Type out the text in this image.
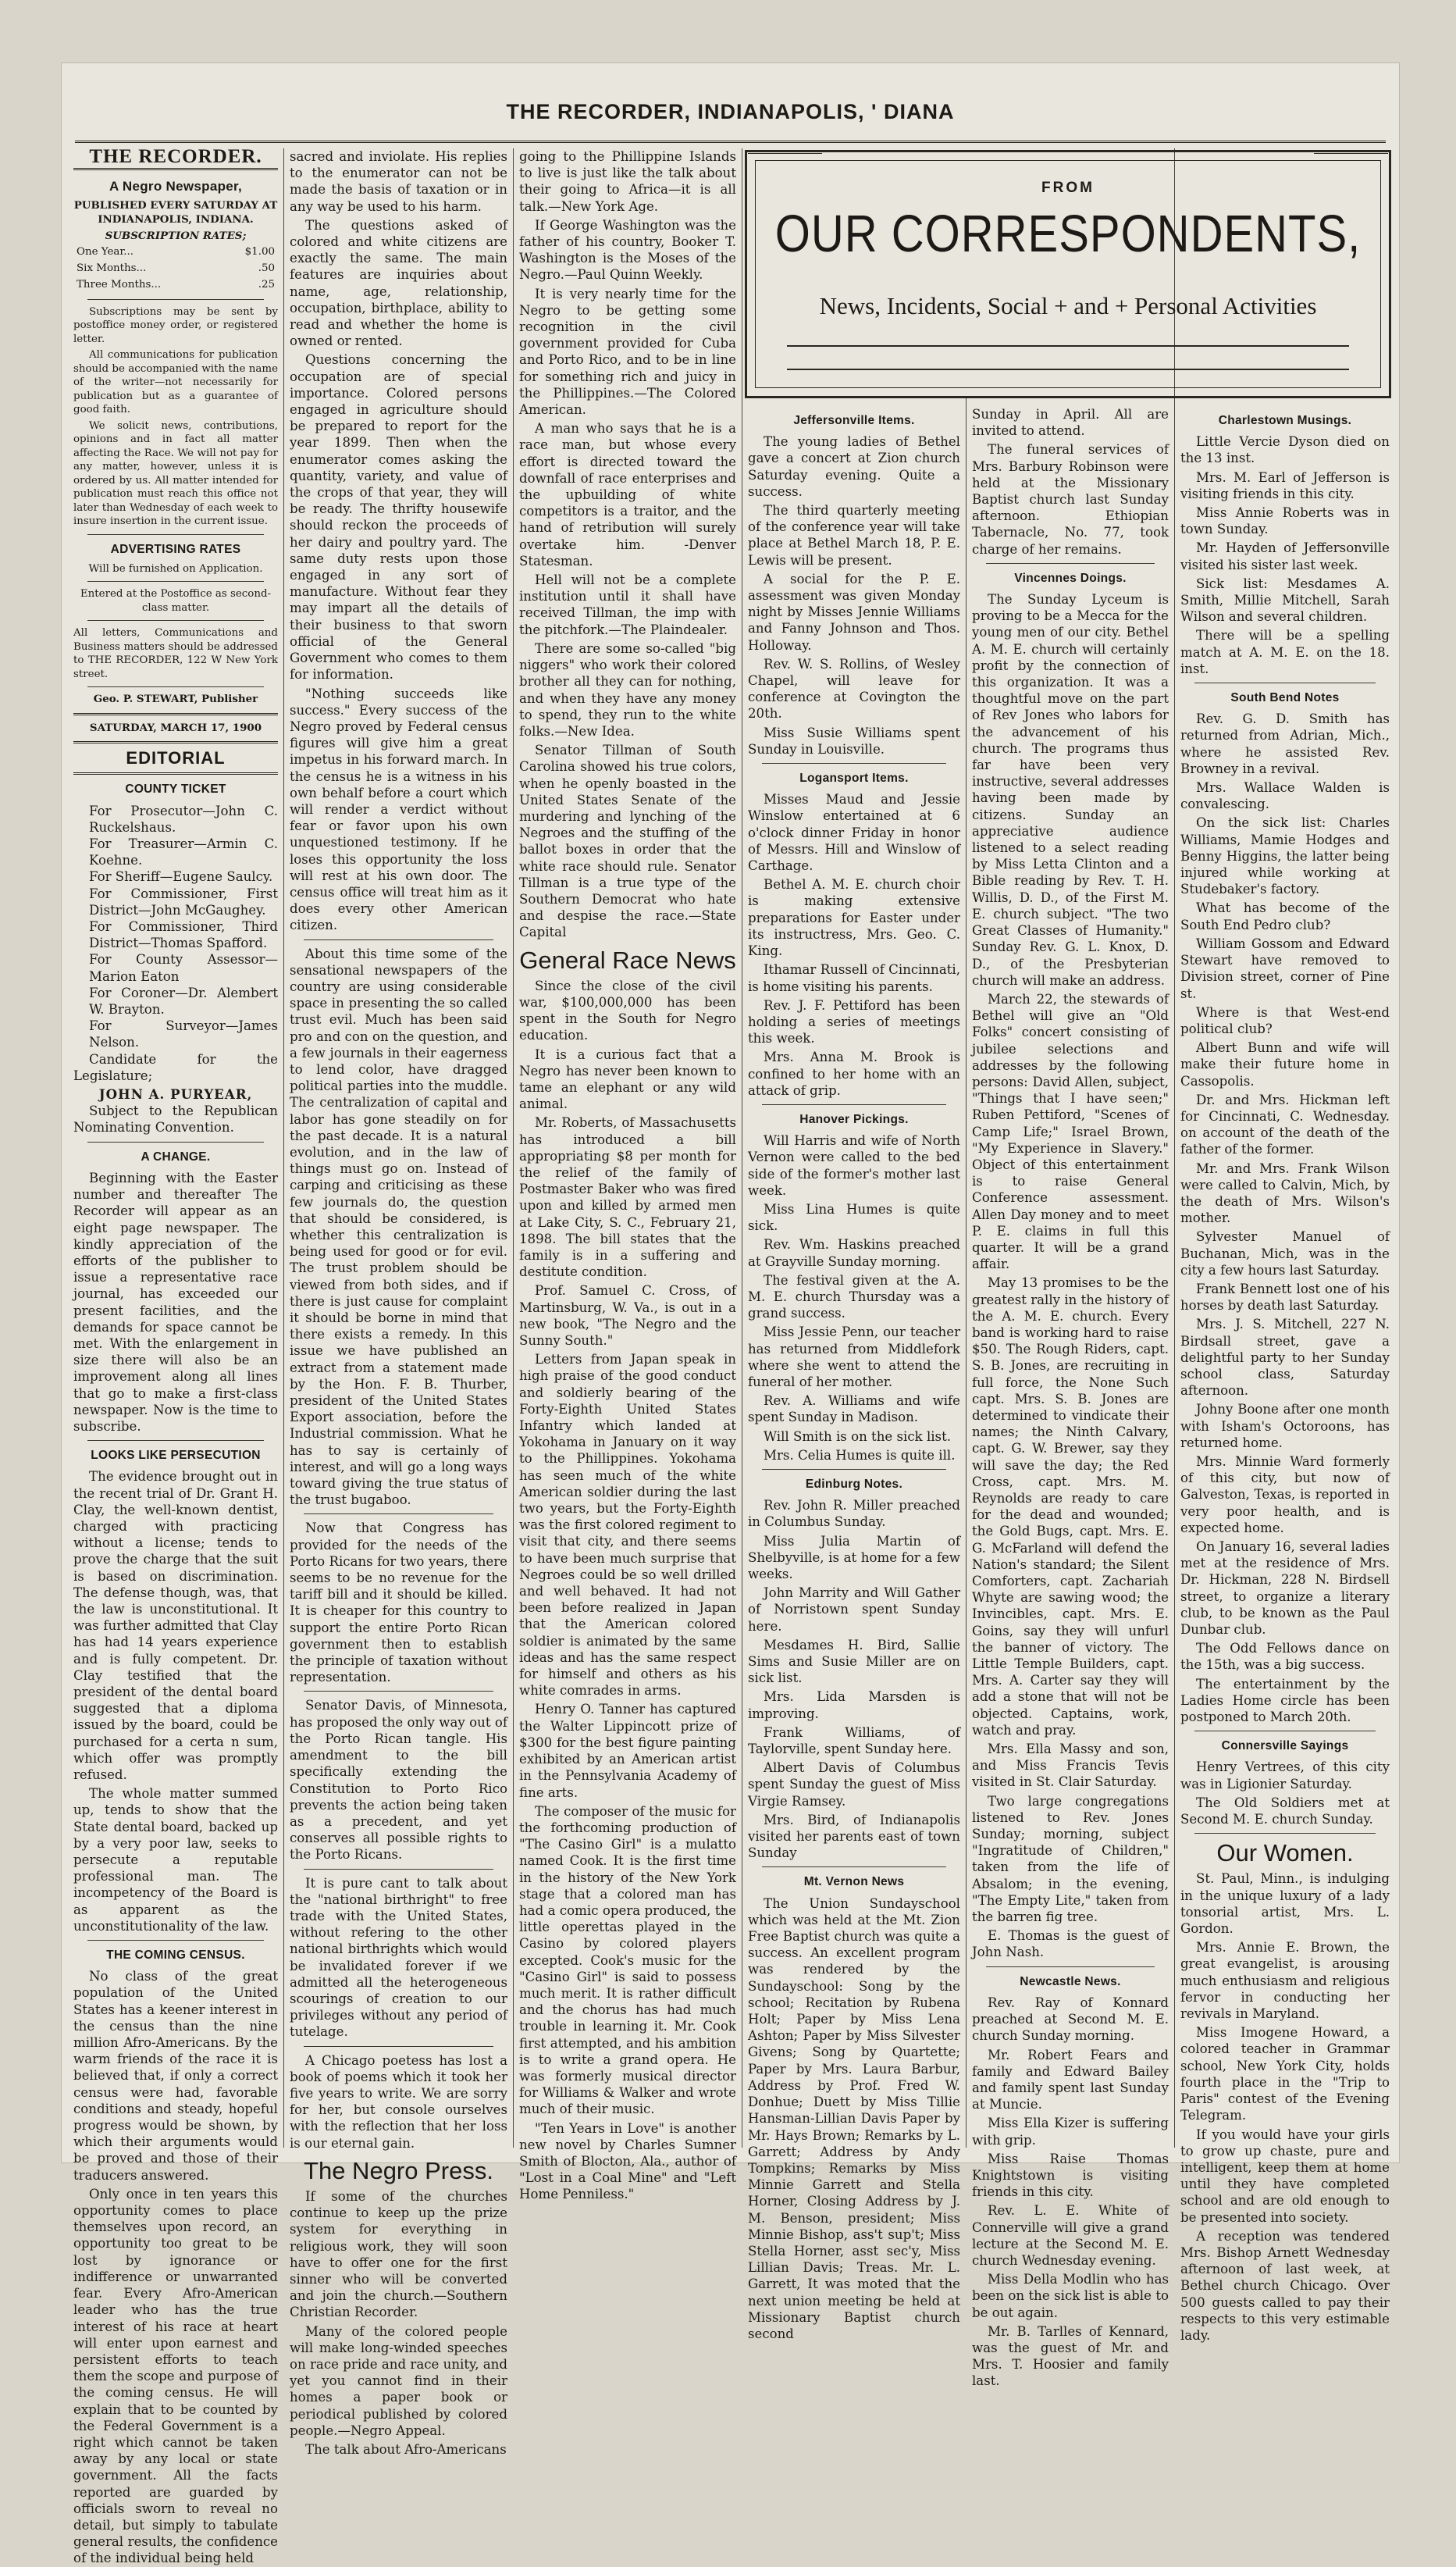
THE RECORDER, INDIANAPOLIS, ' DIANA
THE RECORDER.
A Negro Newspaper,
PUBLISHED EVERY SATURDAY AT
INDIANAPOLIS, INDIANA.
SUBSCRIPTION RATES;
One Year...	$1.00
Six Months...	.50
Three Months...	.25

Subscriptions may be sent by postoffice money order, or registered letter.

All communications for publication should be accompanied with the name of the writer—not necessarily for publication but as a guarantee of good faith.

We solicit news, contributions, opinions and in fact all matter affecting the Race. We will not pay for any matter, however, unless it is ordered by us. All matter intended for publication must reach this office not later than Wednesday of each week to insure insertion in the current issue.

ADVERTISING RATES
Will be furnished on Application.
Entered at the Postoffice as second-class matter.
All letters, Communications and Business matters should be addressed to THE RECORDER, 122 W New York street.
Geo. P. STEWART, Publisher
SATURDAY, MARCH 17, 1900
EDITORIAL
COUNTY TICKET

For Prosecutor—John C. Ruckelshaus.

For Treasurer—Armin C. Koehne.

For Sheriff—Eugene Saulcy.

For Commissioner, First District—John McGaughey.

For Commissioner, Third District—Thomas Spafford.

For County Assessor—Marion Eaton

For Coroner—Dr. Alembert W. Brayton.

For Surveyor—James Nelson.

Candidate for the Legislature;

JOHN A. PURYEAR,

Subject to the Republican Nominating Convention.

A CHANGE.

Beginning with the Easter number and thereafter The Recorder will appear as an eight page newspaper. The kindly appreciation of the efforts of the publisher to issue a representative race journal, has exceeded our present facilities, and the demands for space cannot be met. With the enlargement in size there will also be an improvement along all lines that go to make a first-class newspaper. Now is the time to subscribe.

LOOKS LIKE PERSECUTION

The evidence brought out in the recent trial of Dr. Grant H. Clay, the well-known dentist, charged with practicing without a license; tends to prove the charge that the suit is based on discrimination. The defense though, was, that the law is unconstitutional. It was further admitted that Clay has had 14 years experience and is fully competent. Dr. Clay testified that the president of the dental board suggested that a diploma issued by the board, could be purchased for a certa n sum, which offer was promptly refused.

The whole matter summed up, tends to show that the State dental board, backed up by a very poor law, seeks to persecute a reputable professional man. The incompetency of the Board is as apparent as the unconstitutionality of the law.

THE COMING CENSUS.

No class of the great population of the United States has a keener interest in the census than the nine million Afro-Americans. By the warm friends of the race it is believed that, if only a correct census were had, favorable conditions and steady, hopeful progress would be shown, by which their arguments would be proved and those of their traducers answered.

Only once in ten years this opportunity comes to place themselves upon record, an opportunity too great to be lost by ignorance or indifference or unwarranted fear. Every Afro-American leader who has the true interest of his race at heart will enter upon earnest and persistent efforts to teach them the scope and purpose of the coming census. He will explain that to be counted by the Federal Government is a right which cannot be taken away by any local or state government. All the facts reported are guarded by officials sworn to reveal no detail, but simply to tabulate general results, the confidence of the individual being held

sacred and inviolate. His replies to the enumerator can not be made the basis of taxation or in any way be used to his harm.

The questions asked of colored and white citizens are exactly the same. The main features are inquiries about name, age, relationship, occupation, birthplace, ability to read and whether the home is owned or rented.

Questions concerning the occupation are of special importance. Colored persons engaged in agriculture should be prepared to report for the year 1899. Then when the enumerator comes asking the quantity, variety, and value of the crops of that year, they will be ready. The thrifty housewife should reckon the proceeds of her dairy and poultry yard. The same duty rests upon those engaged in any sort of manufacture. Without fear they may impart all the details of their business to that sworn official of the General Government who comes to them for information.

"Nothing succeeds like success." Every success of the Negro proved by Federal census figures will give him a great impetus in his forward march. In the census he is a witness in his own behalf before a court which will render a verdict without fear or favor upon his own unquestioned testimony. If he loses this opportunity the loss will rest at his own door. The census office will treat him as it does every other American citizen.

About this time some of the sensational newspapers of the country are using considerable space in presenting the so called trust evil. Much has been said pro and con on the question, and a few journals in their eagerness to lend color, have dragged political parties into the muddle. The centralization of capital and labor has gone steadily on for the past decade. It is a natural evolution, and in the law of things must go on. Instead of carping and criticising as these few journals do, the question that should be considered, is whether this centralization is being used for good or for evil. The trust problem should be viewed from both sides, and if there is just cause for complaint it should be borne in mind that there exists a remedy. In this issue we have published an extract from a statement made by the Hon. F. B. Thurber, president of the United States Export association, before the Industrial commission. What he has to say is certainly of interest, and will go a long ways toward giving the true status of the trust bugaboo.

Now that Congress has provided for the needs of the Porto Ricans for two years, there seems to be no revenue for the tariff bill and it should be killed. It is cheaper for this country to support the entire Porto Rican government then to establish the principle of taxation without representation.

Senator Davis, of Minnesota, has proposed the only way out of the Porto Rican tangle. His amendment to the bill specifically extending the Constitution to Porto Rico prevents the action being taken as a precedent, and yet conserves all possible rights to the Porto Ricans.

It is pure cant to talk about the "national birthright" to free trade with the United States, without refering to the other national birthrights which would be invalidated forever if we admitted all the heterogeneous scourings of creation to our privileges without any period of tutelage.

A Chicago poetess has lost a book of poems which it took her five years to write. We are sorry for her, but console ourselves with the reflection that her loss is our eternal gain.

The Negro Press.

If some of the churches continue to keep up the prize system for everything in religious work, they will soon have to offer one for the first sinner who will be converted and join the church.—Southern Christian Recorder.

Many of the colored people will make long-winded speeches on race pride and race unity, and yet you cannot find in their homes a paper book or periodical published by colored people.—Negro Appeal.

The talk about Afro-Americans

going to the Phillippine Islands to live is just like the talk about their going to Africa—it is all talk.—New York Age.

If George Washington was the father of his country, Booker T. Washington is the Moses of the Negro.—Paul Quinn Weekly.

It is very nearly time for the Negro to be getting some recognition in the civil government provided for Cuba and Porto Rico, and to be in line for something rich and juicy in the Phillippines.—The Colored American.

A man who says that he is a race man, but whose every effort is directed toward the downfall of race enterprises and the upbuilding of white competitors is a traitor, and the hand of retribution will surely overtake him. -Denver Statesman.

Hell will not be a complete institution until it shall have received Tillman, the imp with the pitchfork.—The Plaindealer.

There are some so-called "big niggers" who work their colored brother all they can for nothing, and when they have any money to spend, they run to the white folks.—New Idea.

Senator Tillman of South Carolina showed his true colors, when he openly boasted in the United States Senate of the murdering and lynching of the Negroes and the stuffing of the ballot boxes in order that the white race should rule. Senator Tillman is a true type of the Southern Democrat who hate and despise the race.—State Capital

General Race News

Since the close of the civil war, $100,000,000 has been spent in the South for Negro education.

It is a curious fact that a Negro has never been known to tame an elephant or any wild animal.

Mr. Roberts, of Massachusetts has introduced a bill appropriating $8 per month for the relief of the family of Postmaster Baker who was fired upon and killed by armed men at Lake City, S. C., February 21, 1898. The bill states that the family is in a suffering and destitute condition.

Prof. Samuel C. Cross, of Martinsburg, W. Va., is out in a new book, "The Negro and the Sunny South."

Letters from Japan speak in high praise of the good conduct and soldierly bearing of the Forty-Eighth United States Infantry which landed at Yokohama in January on it way to the Phillippines. Yokohama has seen much of the white American soldier during the last two years, but the Forty-Eighth was the first colored regiment to visit that city, and there seems to have been much surprise that Negroes could be so well drilled and well behaved. It had not been before realized in Japan that the American colored soldier is animated by the same ideas and has the same respect for himself and others as his white comrades in arms.

Henry O. Tanner has captured the Walter Lippincott prize of $300 for the best figure painting exhibited by an American artist in the Pennsylvania Academy of fine arts.

The composer of the music for the forthcoming production of "The Casino Girl" is a mulatto named Cook. It is the first time in the history of the New York stage that a colored man has had a comic opera produced, the little operettas played in the Casino by colored players excepted. Cook's music for the "Casino Girl" is said to possess much merit. It is rather difficult and the chorus has had much trouble in learning it. Mr. Cook first attempted, and his ambition is to write a grand opera. He was formerly musical director for Williams & Walker and wrote much of their music.

"Ten Years in Love" is another new novel by Charles Sumner Smith of Blocton, Ala., author of "Lost in a Coal Mine" and "Left Home Penniless."

FROM
OUR CORRESPONDENTS,
News, Incidents, Social + and + Personal Activities
Jeffersonville Items.

The young ladies of Bethel gave a concert at Zion church Saturday evening. Quite a success.

The third quarterly meeting of the conference year will take place at Bethel March 18, P. E. Lewis will be present.

A social for the P. E. assessment was given Monday night by Misses Jennie Williams and Fanny Johnson and Thos. Holloway.

Rev. W. S. Rollins, of Wesley Chapel, will leave for conference at Covington the 20th.

Miss Susie Williams spent Sunday in Louisville.

Logansport Items.

Misses Maud and Jessie Winslow entertained at 6 o'clock dinner Friday in honor of Messrs. Hill and Winslow of Carthage.

Bethel A. M. E. church choir is making extensive preparations for Easter under its instructress, Mrs. Geo. C. King.

Ithamar Russell of Cincinnati, is home visiting his parents.

Rev. J. F. Pettiford has been holding a series of meetings this week.

Mrs. Anna M. Brook is confined to her home with an attack of grip.

Hanover Pickings.

Will Harris and wife of North Vernon were called to the bed side of the former's mother last week.

Miss Lina Humes is quite sick.

Rev. Wm. Haskins preached at Grayville Sunday morning.

The festival given at the A. M. E. church Thursday was a grand success.

Miss Jessie Penn, our teacher has returned from Middlefork where she went to attend the funeral of her mother.

Rev. A. Williams and wife spent Sunday in Madison.

Will Smith is on the sick list.

Mrs. Celia Humes is quite ill.

Edinburg Notes.

Rev. John R. Miller preached in Columbus Sunday.

Miss Julia Martin of Shelbyville, is at home for a few weeks.

John Marrity and Will Gather of Norristown spent Sunday here.

Mesdames H. Bird, Sallie Sims and Susie Miller are on sick list.

Mrs. Lida Marsden is improving.

Frank Williams, of Taylorville, spent Sunday here.

Albert Davis of Columbus spent Sunday the guest of Miss Virgie Ramsey.

Mrs. Bird, of Indianapolis visited her parents east of town Sunday

Mt. Vernon News

The Union Sundayschool which was held at the Mt. Zion Free Baptist church was quite a success. An excellent program was rendered by the Sundayschool: Song by the school; Recitation by Rubena Holt; Paper by Miss Lena Ashton; Paper by Miss Silvester Givens; Song by Quartette; Paper by Mrs. Laura Barbur, Address by Prof. Fred W. Donhue; Duett by Miss Tillie Hansman-Lillian Davis Paper by Mr. Hays Brown; Remarks by L. Garrett; Address by Andy Tompkins; Remarks by Miss Minnie Garrett and Stella Horner, Closing Address by J. M. Benson, president; Miss Minnie Bishop, ass't sup't; Miss Stella Horner, asst sec'y, Miss Lillian Davis; Treas. Mr. L. Garrett, It was moted that the next union meeting be held at Missionary Baptist church second

Sunday in April. All are invited to attend.

The funeral services of Mrs. Barbury Robinson were held at the Missionary Baptist church last Sunday afternoon. Ethiopian Tabernacle, No. 77, took charge of her remains.

Vincennes Doings.

The Sunday Lyceum is proving to be a Mecca for the young men of our city. Bethel A. M. E. church will certainly profit by the connection of this organization. It was a thoughtful move on the part of Rev Jones who labors for the advancement of his church. The programs thus far have been very instructive, several addresses having been made by citizens. Sunday an appreciative audience listened to a select reading by Miss Letta Clinton and a Bible reading by Rev. T. H. Willis, D. D., of the First M. E. church subject. "The two Great Classes of Humanity." Sunday Rev. G. L. Knox, D. D., of the Presbyterian church will make an address.

March 22, the stewards of Bethel will give an "Old Folks" concert consisting of jubilee selections and addresses by the following persons: David Allen, subject, "Things that I have seen;" Ruben Pettiford, "Scenes of Camp Life;" Israel Brown, "My Experience in Slavery." Object of this entertainment is to raise General Conference assessment. Allen Day money and to meet P. E. claims in full this quarter. It will be a grand affair.

May 13 promises to be the greatest rally in the history of the A. M. E. church. Every band is working hard to raise $50. The Rough Riders, capt. S. B. Jones, are recruiting in full force, the None Such capt. Mrs. S. B. Jones are determined to vindicate their names; the Ninth Calvary, capt. G. W. Brewer, say they will save the day; the Red Cross, capt. Mrs. M. Reynolds are ready to care for the dead and wounded; the Gold Bugs, capt. Mrs. E. G. McFarland will defend the Nation's standard; the Silent Comforters, capt. Zachariah Whyte are sawing wood; the Invincibles, capt. Mrs. E. Goins, say they will unfurl the banner of victory. The Little Temple Builders, capt. Mrs. A. Carter say they will add a stone that will not be objected. Captains, work, watch and pray.

Mrs. Ella Massy and son, and Miss Francis Tevis visited in St. Clair Saturday.

Two large congregations listened to Rev. Jones Sunday; morning, subject "Ingratitude of Children," taken from the life of Absalom; in the evening, "The Empty Lite," taken from the barren fig tree.

E. Thomas is the guest of John Nash.

Newcastle News.

Rev. Ray of Konnard preached at Second M. E. church Sunday morning.

Mr. Robert Fears and family and Edward Bailey and family spent last Sunday at Muncie.

Miss Ella Kizer is suffering with grip.

Miss Raise Thomas Knightstown is visiting friends in this city.

Rev. L. E. White of Connerville will give a grand lecture at the Second M. E. church Wednesday evening.

Miss Della Modlin who has been on the sick list is able to be out again.

Mr. B. Tarlles of Kennard, was the guest of Mr. and Mrs. T. Hoosier and family last.

Charlestown Musings.

Little Vercie Dyson died on the 13 inst.

Mrs. M. Earl of Jefferson is visiting friends in this city.

Miss Annie Roberts was in town Sunday.

Mr. Hayden of Jeffersonville visited his sister last week.

Sick list: Mesdames A. Smith, Millie Mitchell, Sarah Wilson and several children.

There will be a spelling match at A. M. E. on the 18. inst.

South Bend Notes

Rev. G. D. Smith has returned from Adrian, Mich., where he assisted Rev. Browney in a revival.

Mrs. Wallace Walden is convalescing.

On the sick list: Charles Williams, Mamie Hodges and Benny Higgins, the latter being injured while working at Studebaker's factory.

What has become of the South End Pedro club?

William Gossom and Edward Stewart have removed to Division street, corner of Pine st.

Where is that West-end political club?

Albert Bunn and wife will make their future home in Cassopolis.

Dr. and Mrs. Hickman left for Cincinnati, C. Wednesday. on account of the death of the father of the former.

Mr. and Mrs. Frank Wilson were called to Calvin, Mich, by the death of Mrs. Wilson's mother.

Sylvester Manuel of Buchanan, Mich, was in the city a few hours last Saturday.

Frank Bennett lost one of his horses by death last Saturday.

Mrs. J. S. Mitchell, 227 N. Birdsall street, gave a delightful party to her Sunday school class, Saturday afternoon.

Johny Boone after one month with Isham's Octoroons, has returned home.

Mrs. Minnie Ward formerly of this city, but now of Galveston, Texas, is reported in very poor health, and is expected home.

On January 16, several ladies met at the residence of Mrs. Dr. Hickman, 228 N. Birdsell street, to organize a literary club, to be known as the Paul Dunbar club.

The Odd Fellows dance on the 15th, was a big success.

The entertainment by the Ladies Home circle has been postponed to March 20th.

Connersville Sayings

Henry Vertrees, of this city was in Ligionier Saturday.

The Old Soldiers met at Second M. E. church Sunday.

Our Women.

St. Paul, Minn., is indulging in the unique luxury of a lady tonsorial artist, Mrs. L. Gordon.

Mrs. Annie E. Brown, the great evangelist, is arousing much enthusiasm and religious fervor in conducting her revivals in Maryland.

Miss Imogene Howard, a colored teacher in Grammar school, New York City, holds fourth place in the "Trip to Paris" contest of the Evening Telegram.

If you would have your girls to grow up chaste, pure and intelligent, keep them at home until they have completed school and are old enough to be presented into society.

A reception was tendered Mrs. Bishop Arnett Wednesday afternoon of last week, at Bethel church Chicago. Over 500 guests called to pay their respects to this very estimable lady.
